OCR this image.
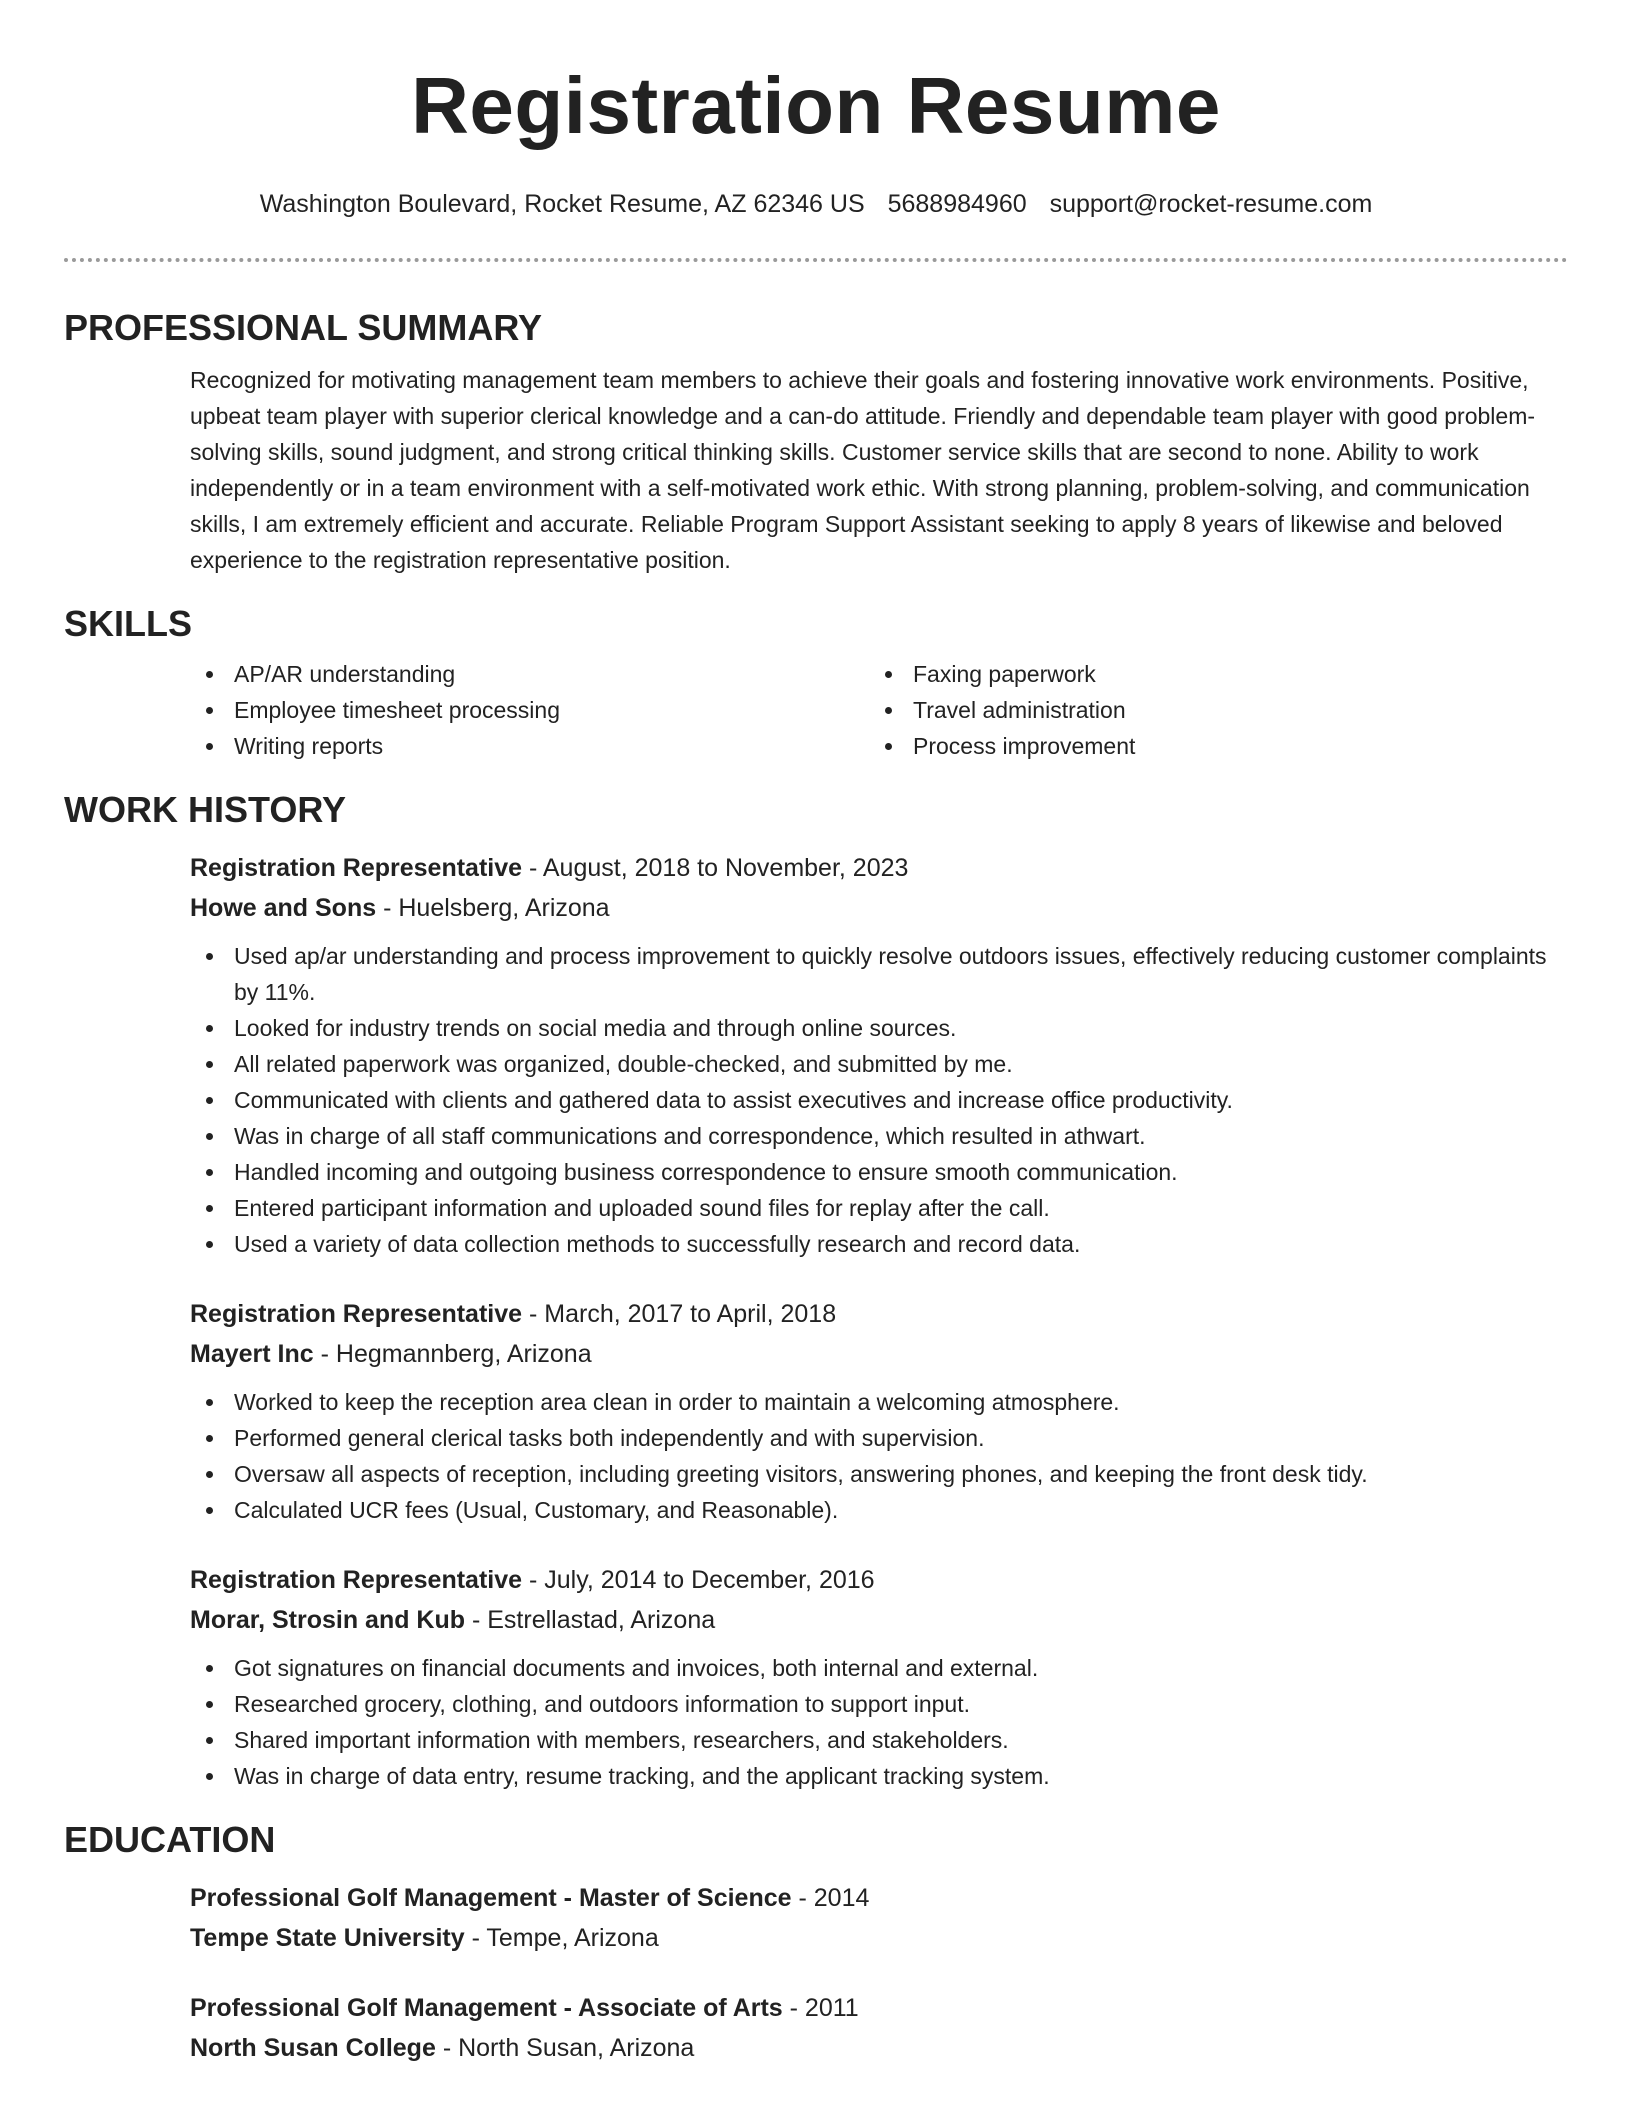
Registration Resume
Washington Boulevard, Rocket Resume, AZ 62346 US 5688984960 support@rocket-resume.com
PROFESSIONAL SUMMARY

Recognized for motivating management team members to achieve their goals and fostering innovative work environments. Positive, upbeat team player with superior clerical knowledge and a can-do attitude. Friendly and dependable team player with good problem-solving skills, sound judgment, and strong critical thinking skills. Customer service skills that are second to none. Ability to work independently or in a team environment with a self-motivated work ethic. With strong planning, problem-solving, and communication skills, I am extremely efficient and accurate. Reliable Program Support Assistant seeking to apply 8 years of likewise and beloved experience to the registration representative position.

SKILLS
AP/AR understanding
Employee timesheet processing
Writing reports
Faxing paperwork
Travel administration
Process improvement
WORK HISTORY
Registration Representative - August, 2018 to November, 2023
Howe and Sons - Huelsberg, Arizona
Used ap/ar understanding and process improvement to quickly resolve outdoors issues, effectively reducing customer complaints by 11%.
Looked for industry trends on social media and through online sources.
All related paperwork was organized, double-checked, and submitted by me.
Communicated with clients and gathered data to assist executives and increase office productivity.
Was in charge of all staff communications and correspondence, which resulted in athwart.
Handled incoming and outgoing business correspondence to ensure smooth communication.
Entered participant information and uploaded sound files for replay after the call.
Used a variety of data collection methods to successfully research and record data.
Registration Representative - March, 2017 to April, 2018
Mayert Inc - Hegmannberg, Arizona
Worked to keep the reception area clean in order to maintain a welcoming atmosphere.
Performed general clerical tasks both independently and with supervision.
Oversaw all aspects of reception, including greeting visitors, answering phones, and keeping the front desk tidy.
Calculated UCR fees (Usual, Customary, and Reasonable).
Registration Representative - July, 2014 to December, 2016
Morar, Strosin and Kub - Estrellastad, Arizona
Got signatures on financial documents and invoices, both internal and external.
Researched grocery, clothing, and outdoors information to support input.
Shared important information with members, researchers, and stakeholders.
Was in charge of data entry, resume tracking, and the applicant tracking system.
EDUCATION
Professional Golf Management - Master of Science - 2014
Tempe State University - Tempe, Arizona
Professional Golf Management - Associate of Arts - 2011
North Susan College - North Susan, Arizona
